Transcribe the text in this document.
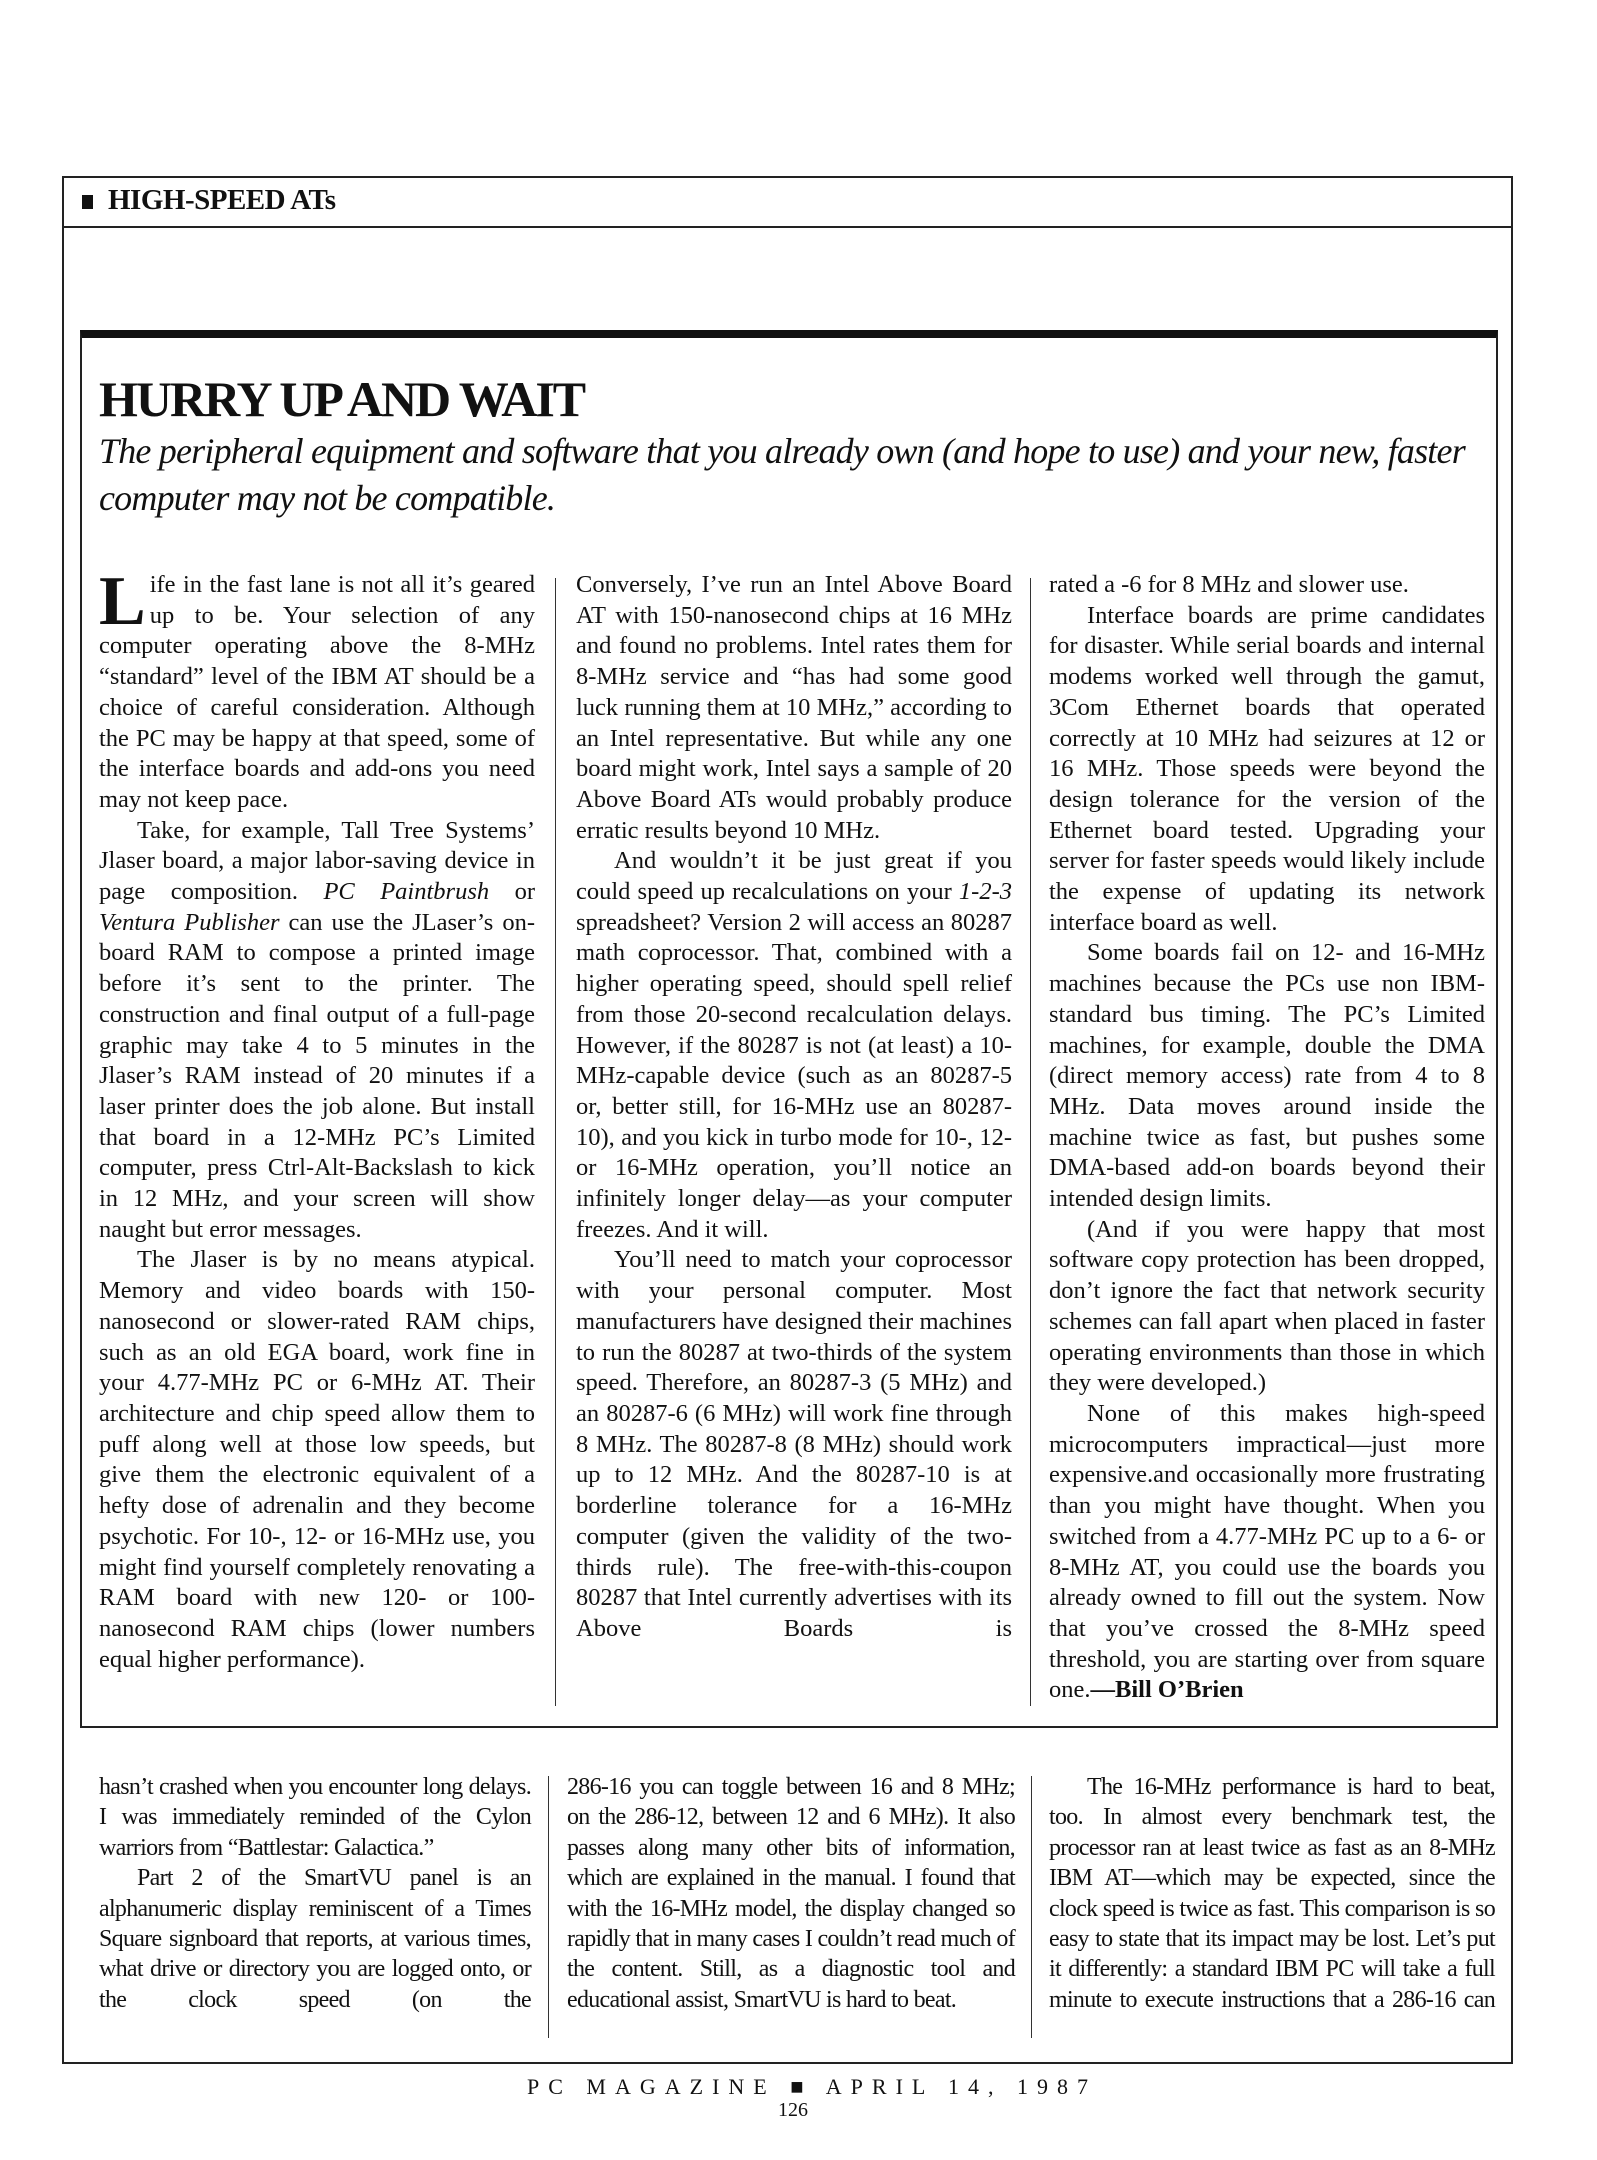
HIGH-SPEED ATs
HURRY UP AND WAIT
The peripheral equipment and software that you already own (and hope to use) and your new, faster computer may not be compatible.

Life in the fast lane is not all it’s geared up to be. Your selection of any computer operating above the 8-MHz “standard” level of the IBM AT should be a choice of careful consideration. Although the PC may be happy at that speed, some of the interface boards and add-ons you need may not keep pace.

Take, for example, Tall Tree Systems’ Jlaser board, a major labor-saving device in page composition. PC Paintbrush or Ventura Publisher can use the JLaser’s on-board RAM to compose a printed image before it’s sent to the printer. The construction and final output of a full-page graphic may take 4 to 5 minutes in the Jlaser’s RAM instead of 20 minutes if a laser printer does the job alone. But install that board in a 12-MHz PC’s Limited computer, press Ctrl-Alt-Backslash to kick in 12 MHz, and your screen will show naught but error messages.

The Jlaser is by no means atypical. Memory and video boards with 150-nanosecond or slower-rated RAM chips, such as an old EGA board, work fine in your 4.77-MHz PC or 6-MHz AT. Their architecture and chip speed allow them to puff along well at those low speeds, but give them the electronic equivalent of a hefty dose of adrenalin and they become psychotic. For 10-, 12- or 16-MHz use, you might find yourself completely renovating a RAM board with new 120- or 100-nanosecond RAM chips (lower numbers equal higher performance).

Conversely, I’ve run an Intel Above Board AT with 150-nanosecond chips at 16 MHz and found no problems. Intel rates them for 8-MHz service and “has had some good luck running them at 10 MHz,” according to an Intel representative. But while any one board might work, Intel says a sample of 20 Above Board ATs would probably produce erratic results beyond 10 MHz.

And wouldn’t it be just great if you could speed up recalculations on your 1-2-3 spreadsheet? Version 2 will access an 80287 math coprocessor. That, combined with a higher operating speed, should spell relief from those 20-second recalculation delays. However, if the 80287 is not (at least) a 10-MHz-capable device (such as an 80287-5 or, better still, for 16-MHz use an 80287-10), and you kick in turbo mode for 10-, 12- or 16-MHz operation, you’ll notice an infinitely longer delay—as your computer freezes. And it will.

You’ll need to match your coprocessor with your personal computer. Most manufacturers have designed their machines to run the 80287 at two-thirds of the system speed. Therefore, an 80287-3 (5 MHz) and an 80287-6 (6 MHz) will work fine through 8 MHz. The 80287-8 (8 MHz) should work up to 12 MHz. And the 80287-10 is at borderline tolerance for a 16-MHz computer (given the validity of the two-thirds rule). The free-with-this-coupon 80287 that Intel currently advertises with its Above Boards is

rated a -6 for 8 MHz and slower use.

Interface boards are prime candidates for disaster. While serial boards and internal modems worked well through the gamut, 3Com Ethernet boards that operated correctly at 10 MHz had seizures at 12 or 16 MHz. Those speeds were beyond the design tolerance for the version of the Ethernet board tested. Upgrading your server for faster speeds would likely include the expense of updating its network interface board as well.

Some boards fail on 12- and 16-MHz machines because the PCs use non IBM-standard bus timing. The PC’s Limited machines, for example, double the DMA (direct memory access) rate from 4 to 8 MHz. Data moves around inside the machine twice as fast, but pushes some DMA-based add-on boards beyond their intended design limits.

(And if you were happy that most software copy protection has been dropped, don’t ignore the fact that network security schemes can fall apart when placed in faster operating environments than those in which they were developed.)

None of this makes high-speed microcomputers impractical—just more expensive.and occasionally more frustrating than you might have thought. When you switched from a 4.77-MHz PC up to a 6- or 8-MHz AT, you could use the boards you already owned to fill out the system. Now that you’ve crossed the 8-MHz speed threshold, you are starting over from square one.—Bill O’Brien

hasn’t crashed when you encounter long delays. I was immediately reminded of the Cylon warriors from “Battlestar: Galactica.”

Part 2 of the SmartVU panel is an alphanumeric display reminiscent of a Times Square signboard that reports, at various times, what drive or directory you are logged onto, or the clock speed (on the

286-16 you can toggle between 16 and 8 MHz; on the 286-12, between 12 and 6 MHz). It also passes along many other bits of information, which are explained in the manual. I found that with the 16-MHz model, the display changed so rapidly that in many cases I couldn’t read much of the content. Still, as a diagnostic tool and educational assist, SmartVU is hard to beat.

The 16-MHz performance is hard to beat, too. In almost every benchmark test, the processor ran at least twice as fast as an 8-MHz IBM AT—which may be expected, since the clock speed is twice as fast. This comparison is so easy to state that its impact may be lost. Let’s put it differently: a standard IBM PC will take a full minute to execute instructions that a 286-16 can

PC MAGAZINE ■ APRIL 14, 1987
126
